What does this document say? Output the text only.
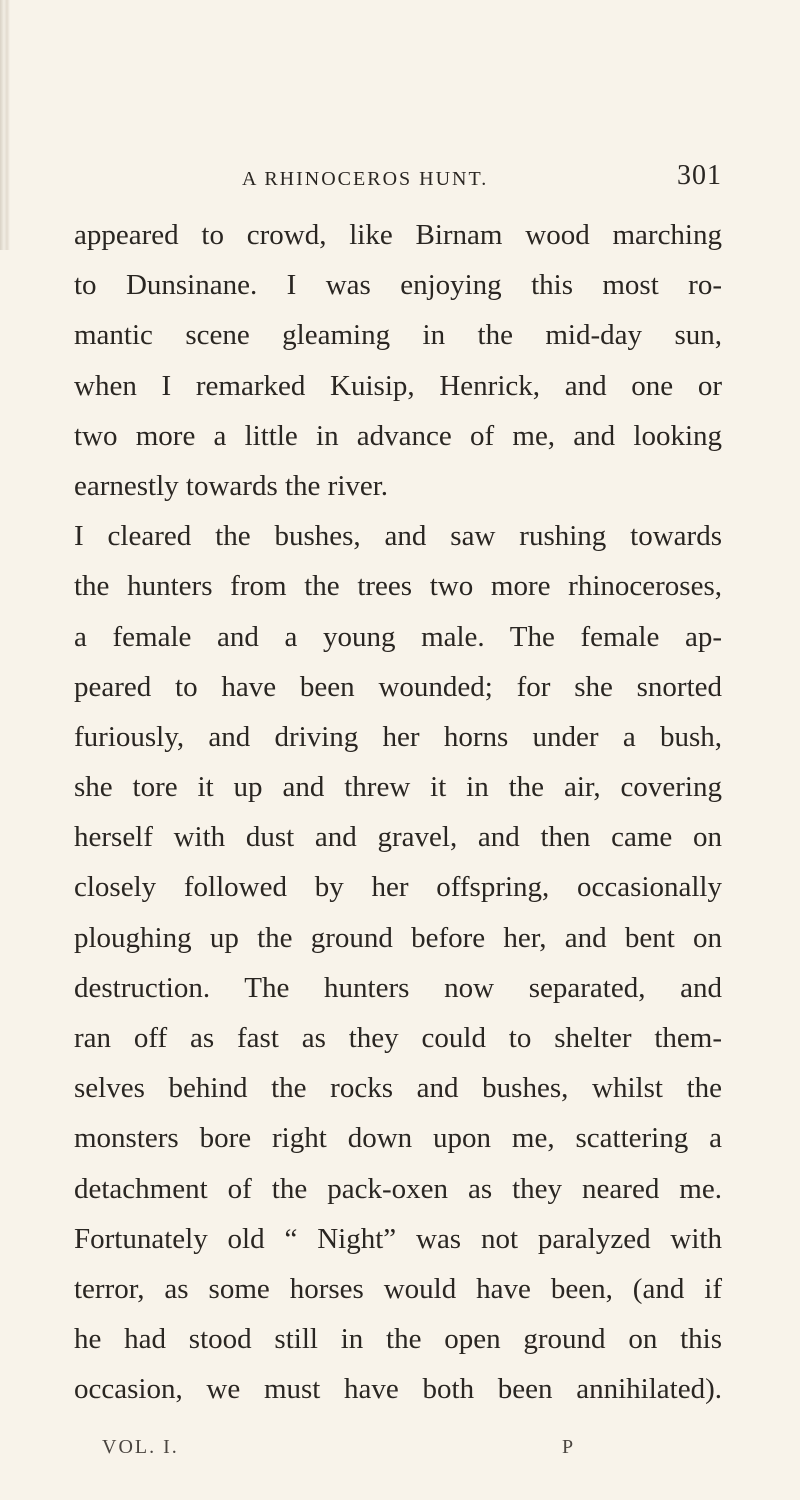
A RHINOCEROS HUNT.	301
appeared to crowd, like Birnam wood marching
to Dunsinane. I was enjoying this most ro-
mantic scene gleaming in the mid-day sun,
when I remarked Kuisip, Henrick, and one or
two more a little in advance of me, and looking
earnestly towards the river.
I cleared the bushes, and saw rushing towards
the hunters from the trees two more rhinoceroses,
a female and a young male. The female ap-
peared to have been wounded; for she snorted
furiously, and driving her horns under a bush,
she tore it up and threw it in the air, covering
herself with dust and gravel, and then came on
closely followed by her offspring, occasionally
ploughing up the ground before her, and bent on
destruction. The hunters now separated, and
ran off as fast as they could to shelter them-
selves behind the rocks and bushes, whilst the
monsters bore right down upon me, scattering a
detachment of the pack-oxen as they neared me.
Fortunately old “ Night” was not paralyzed with
terror, as some horses would have been, (and if
he had stood still in the open ground on this
occasion, we must have both been annihilated).
VOL. I.	P
